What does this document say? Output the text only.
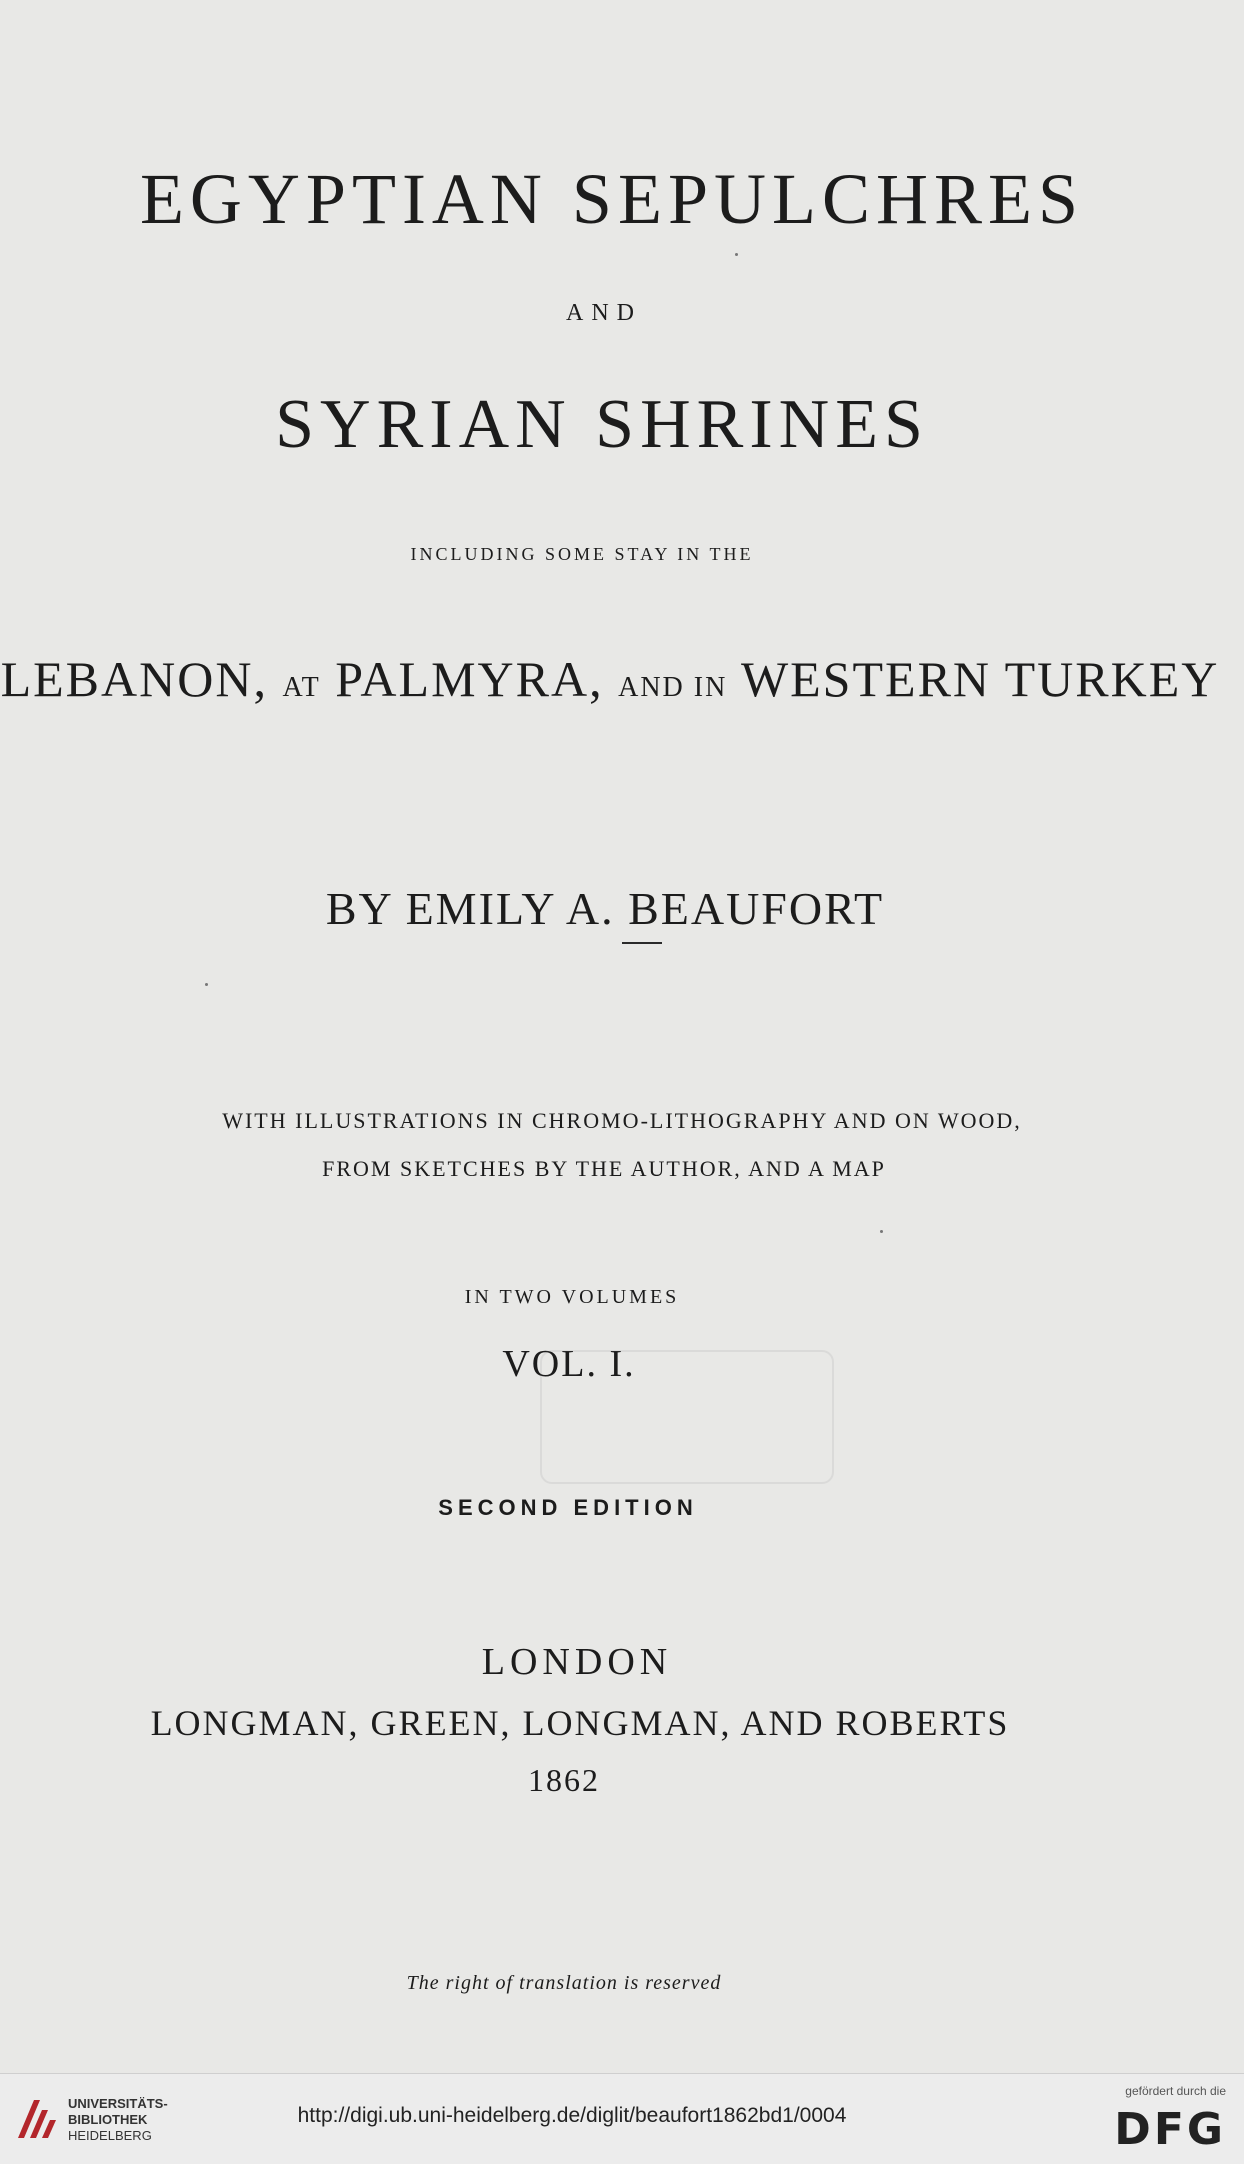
EGYPTIAN SEPULCHRES
AND
SYRIAN SHRINES
INCLUDING SOME STAY IN THE
LEBANON, AT PALMYRA, AND IN WESTERN TURKEY
BY EMILY A. BEAUFORT
WITH ILLUSTRATIONS IN CHROMO-LITHOGRAPHY AND ON WOOD,
FROM SKETCHES BY THE AUTHOR, AND A MAP
IN TWO VOLUMES
VOL. I.
SECOND EDITION
LONDON
LONGMAN, GREEN, LONGMAN, AND ROBERTS
1862
The right of translation is reserved
UNIVERSITÄTS-
BIBLIOTHEK
HEIDELBERG
http://digi.ub.uni-heidelberg.de/diglit/beaufort1862bd1/0004
gefördert durch die
DFG
